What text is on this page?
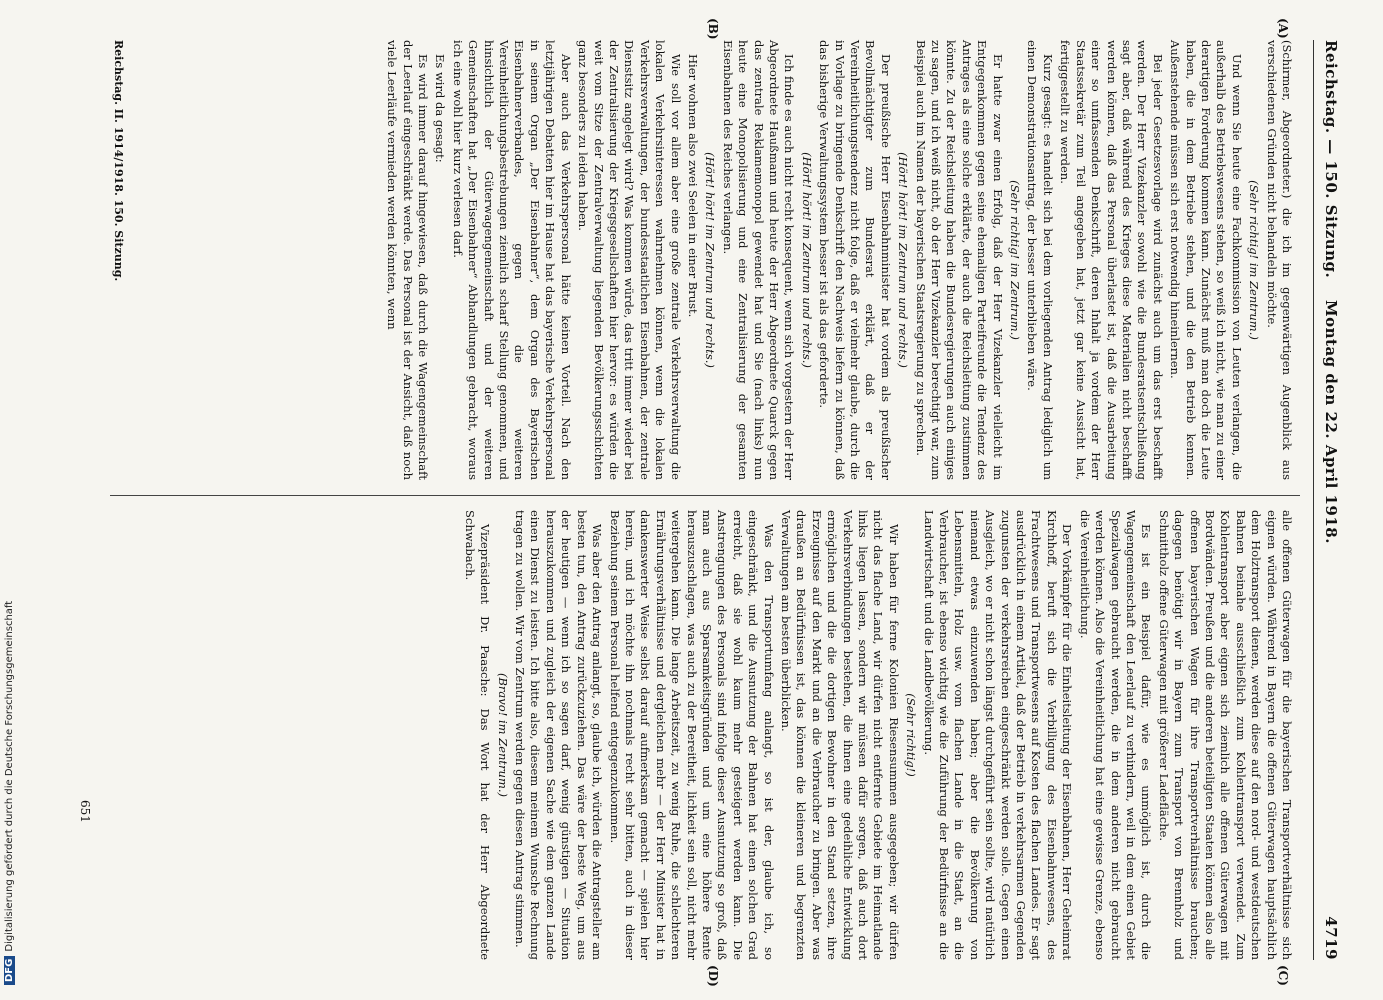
Reichstag. — 150. Sitzung.
Montag den 22. April 1918.
4719
(A)
(B)
(C)
(D)

(Schirmer, Abgeordneter.) die ich im gegenwärtigen Augenblick aus verschiedenen Gründen nicht behandeln möchte.

(Sehr richtig! im Zentrum.)

Und wenn Sie heute eine Fachkommission von Leuten verlangen, die außerhalb des Betriebswesens stehen, so weiß ich nicht, wie man zu einer derartigen Forderung kommen kann. Zunächst muß man doch die Leute haben, die in dem Betriebe stehen, und die den Betrieb kennen. Außenstehende müssen sich erst notwendig hineinlernen.

Bei jeder Gesetzesvorlage wird zunächst auch um das erst beschafft werden. Der Herr Vizekanzler sowohl wie die Bundesratsentschließung sagt aber, daß während des Krieges diese Materialien nicht beschafft werden können, daß das Personal überlastet ist, daß die Ausarbeitung einer so umfassenden Denkschrift, deren Inhalt ja vordem der Herr Staatssekretär zum Teil angegeben hat, jetzt gar keine Aussicht hat, fertiggestellt zu werden.

Kurz gesagt: es handelt sich bei dem vorliegenden Antrag lediglich um einen Demonstrationsantrag, der besser unterblieben wäre.

(Sehr richtig! im Zentrum.)

Er hatte zwar einen Erfolg, daß der Herr Vizekanzler vielleicht im Entgegenkommen gegen seine ehemaligen Parteifreunde die Tendenz des Antrages als eine solche erklärte, der auch die Reichsleitung zustimmen könnte. Zu der Reichsleitung haben die Bundesregierungen auch einiges zu sagen, und ich weiß nicht, ob der Herr Vizekanzler berechtigt war, zum Beispiel auch im Namen der bayerischen Staatsregierung zu sprechen.

(Hört! hört! im Zentrum und rechts.)

Der preußische Herr Eisenbahnminister hat vordem als preußischer Bevollmächtigter zum Bundesrat erklärt, daß er der Vereinheitlichungstendenz nicht folge, daß er vielmehr glaube, durch die in Vorlage zu bringende Denkschrift den Nachweis liefern zu können, daß das bisherige Verwaltungssystem besser ist als das geforderte.

(Hört! hört! im Zentrum und rechts.)

Ich finde es auch nicht recht konsequent, wenn sich vorgestern der Herr Abgeordnete Haußmann und heute der Herr Abgeordnete Quarck gegen das zentrale Reklamemonopol gewendet hat und Sie (nach links) nun heute eine Monopolisierung und eine Zentralisierung der gesamten Eisenbahnen des Reiches verlangen.

(Hört! hört! im Zentrum und rechts.)

Hier wohnen also zwei Seelen in einer Brust.

Wie soll vor allem aber eine große zentrale Verkehrsverwaltung die lokalen Verkehrsinteressen wahrnehmen können, wenn die lokalen Verkehrsverwaltungen, der bundesstaatlichen Eisenbahnen, der zentrale Dienstsitz angelegt wird? Was kommen würde, das tritt immer wieder bei der Zentralisierung der Kriegsgesellschaften hier hervor: es würden die weit vom Sitze der Zentralverwaltung liegenden Bevölkerungsschichten ganz besonders zu leiden haben.

Aber auch das Verkehrspersonal hätte keinen Vorteil. Nach den letztjährigen Debatten hier im Hause hat das bayerische Verkehrspersonal in seinem Organ „Der Eisenbahner“, dem Organ des Bayerischen Eisenbahnerverbandes, gegen die weiteren Vereinheitlichungsbestrebungen ziemlich scharf Stellung genommen, und hinsichtlich der Güterwagengemeinschaft und der weiteren Gemeinschaften hat „Der Eisenbahner“ Abhandlungen gebracht, woraus ich eine wohl hier kurz verlesen darf.

Es wird da gesagt:

Es wird immer darauf hingewiesen, daß durch die Wagengemeinschaft der Leerlauf eingeschränkt werde. Das Personal ist der Ansicht, daß noch viele Leerläufe vermieden werden könnten, wenn

alle offenen Güterwagen für die bayerischen Transportverhältnisse sich eignen würden. Während in Bayern die offenen Güterwagen hauptsächlich dem Holztransport dienen, werden diese auf den nord- und westdeutschen Bahnen beinahe ausschließlich zum Kohlentransport verwendet. Zum Kohlentransport aber eignen sich ziemlich alle offenen Güterwagen mit Bordwänden. Preußen und die anderen beteiligten Staaten können also alle offenen bayerischen Wagen für ihre Transportverhältnisse brauchen; dagegen benötigt wir in Bayern zum Transport von Brennholz und Schnittholz offene Güterwagen mit größerer Ladefläche.

Es ist ein Beispiel dafür, wie es unmöglich ist, durch die Wagengemeinschaft den Leerlauf zu verhindern, weil in dem einen Gebiet Spezialwagen gebraucht werden, die in dem anderen nicht gebraucht werden können. Also die Vereinheitlichung hat eine gewisse Grenze, ebenso die Vereinheitlichung.

Der Vorkämpfer für die Einheitsleitung der Eisenbahnen, Herr Geheimrat Kirchhoff, beruft sich die Verbilligung des Eisenbahnwesens, des Frachtwesens und Transportwesens auf Kosten des flachen Landes. Er sagt ausdrücklich in einem Artikel, daß der Betrieb in verkehrsarmen Gegenden zugunsten der verkehrsreichen eingeschränkt werden solle. Gegen einen Ausgleich, wo er nicht schon längst durchgeführt sein sollte, wird natürlich niemand etwas einzuwenden haben; aber die Bevölkerung von Lebensmitteln, Holz usw. vom flachen Lande in die Stadt, an die Verbraucher, ist ebenso wichtig wie die Zuführung der Bedürfnisse an die Landwirtschaft und die Landbevölkerung.

(Sehr richtig!)

Wir haben für ferne Kolonien Riesensummen ausgegeben; wir dürfen nicht das flache Land, wir dürfen nicht entfernte Gebiete im Heimatlande links liegen lassen, sondern wir müssen dafür sorgen, daß auch dort Verkehrsverbindungen bestehen, die ihnen eine gedeihliche Entwicklung ermöglichen und die die dortigen Bewohner in den Stand setzen, ihre Erzeugnisse auf den Markt und an die Verbraucher zu bringen. Aber was draußen an Bedürfnissen ist, das können die kleineren und begrenzten Verwaltungen am besten überblicken.

Was den Transportumfang anlangt, so ist der, glaube ich, so eingeschränkt, und die Ausnutzung der Bahnen hat einen solchen Grad erreicht, daß sie wohl kaum mehr gesteigert werden kann. Die Anstrengungen des Personals sind infolge dieser Ausnutzung so groß, daß man auch aus Sparsamkeitsgründen und um eine höhere Rente herauszuschlagen, was auch zu der Bereitheit, lichkeit sein soll, nicht mehr weitergehen kann. Die lange Arbeitszeit, zu wenig Ruhe, die schlechteren Ernährungsverhältnisse und dergleichen mehr — der Herr Minister hat in dankenswerter Weise selbst darauf aufmerksam gemacht — spielen hier herein, und ich möchte ihn nochmals recht sehr bitten, auch in dieser Beziehung seinem Personal helfend entgegenzukommen.

Was aber den Antrag anlangt, so, glaube ich, würden die Antragsteller am besten tun, den Antrag zurückzuziehen. Das wäre der beste Weg, um aus der heutigen — wenn ich so sagen darf, wenig günstigen — Situation herauszukommen und zugleich der eigenen Sache wie dem ganzen Lande einen Dienst zu leisten. Ich bitte also, diesem meinem Wunsche Rechnung tragen zu wollen. Wir vom Zentrum werden gegen diesen Antrag stimmen.

(Bravo! im Zentrum.)

Vizepräsident Dr. Paasche: Das Wort hat der Herr Abgeordnete Schwabach.

Reichstag. II. 1914/1918. 150. Sitzung.
651
DFGDigitalisierung gefördert durch die Deutsche Forschungsgemeinschaft
